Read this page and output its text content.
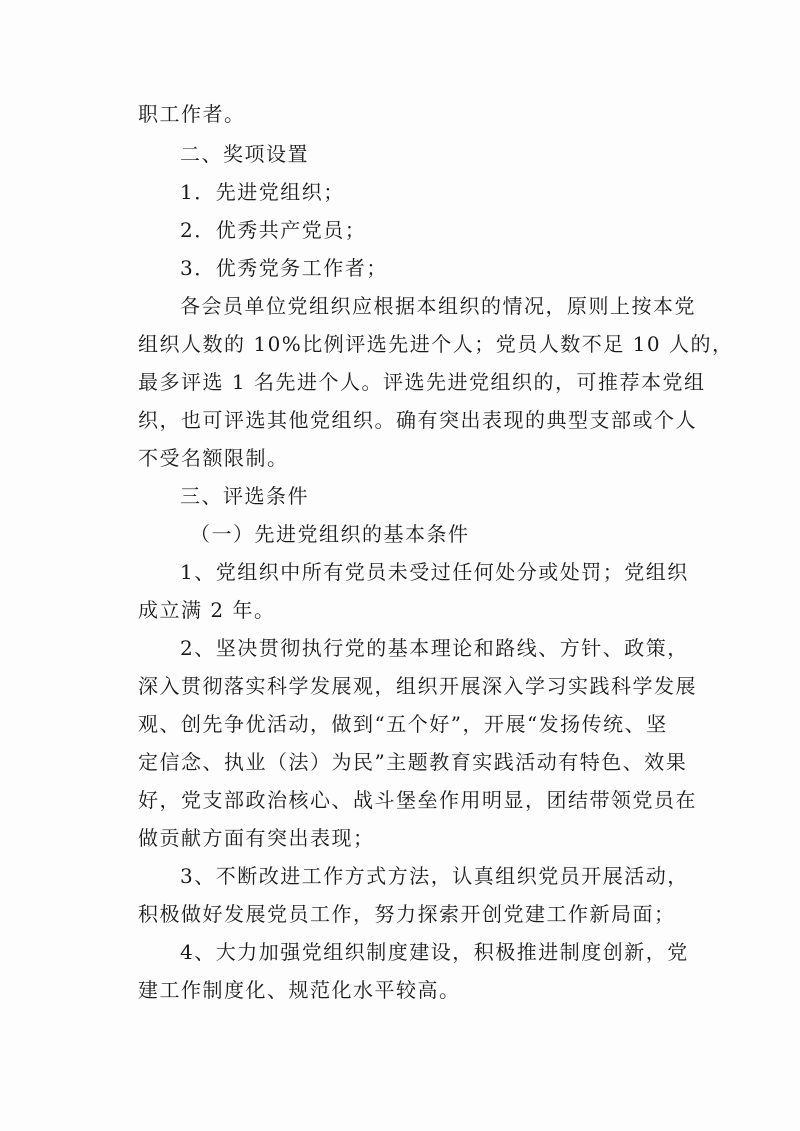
职工作者。
二、奖项设置
1．先进党组织；
2．优秀共产党员；
3．优秀党务工作者；
各会员单位党组织应根据本组织的情况，原则上按本党
组织人数的 10%比例评选先进个人；党员人数不足 10 人的，
最多评选 1 名先进个人。评选先进党组织的，可推荐本党组
织，也可评选其他党组织。确有突出表现的典型支部或个人
不受名额限制。
三、评选条件
（一）先进党组织的基本条件
1、党组织中所有党员未受过任何处分或处罚；党组织
成立满 2 年。
2、坚决贯彻执行党的基本理论和路线、方针、政策，
深入贯彻落实科学发展观，组织开展深入学习实践科学发展
观、创先争优活动，做到“五个好”，开展“发扬传统、坚
定信念、执业（法）为民”主题教育实践活动有特色、效果
好，党支部政治核心、战斗堡垒作用明显，团结带领党员在
做贡献方面有突出表现；
3、不断改进工作方式方法，认真组织党员开展活动，
积极做好发展党员工作，努力探索开创党建工作新局面；
4、大力加强党组织制度建设，积极推进制度创新，党
建工作制度化、规范化水平较高。
